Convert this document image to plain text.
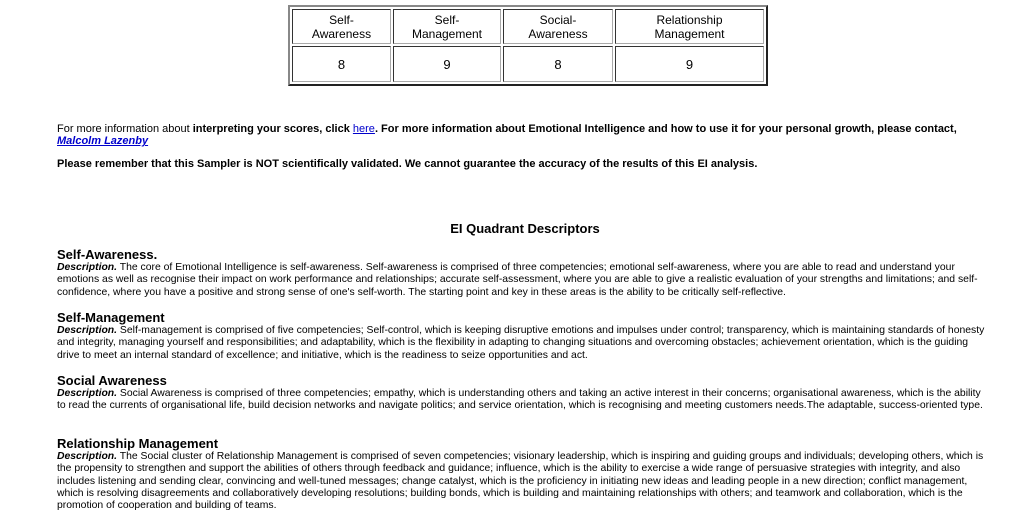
Self-Awareness	Self-Management	Social-Awareness	Relationship Management
8	9	8	9
For more information about interpreting your scores, click here. For more information about Emotional Intelligence and how to use it for your personal growth, please contact, Malcolm Lazenby
Please remember that this Sampler is NOT scientifically validated. We cannot guarantee the accuracy of the results of this EI analysis.
EI Quadrant Descriptors
Self-Awareness.

Description. The core of Emotional Intelligence is self-awareness. Self-awareness is comprised of three competencies; emotional self-awareness, where you are able to read and understand your emotions as well as recognise their impact on work performance and relationships; accurate self-assessment, where you are able to give a realistic evaluation of your strengths and limitations; and self-confidence, where you have a positive and strong sense of one's self-worth. The starting point and key in these areas is the ability to be critically self-reflective.

Self-Management

Description. Self-management is comprised of five competencies; Self-control, which is keeping disruptive emotions and impulses under control; transparency, which is maintaining standards of honesty and integrity, managing yourself and responsibilities; and adaptability, which is the flexibility in adapting to changing situations and overcoming obstacles; achievement orientation, which is the guiding drive to meet an internal standard of excellence; and initiative, which is the readiness to seize opportunities and act.

Social Awareness

Description. Social Awareness is comprised of three competencies; empathy, which is understanding others and taking an active interest in their concerns; organisational awareness, which is the ability to read the currents of organisational life, build decision networks and navigate politics; and service orientation, which is recognising and meeting customers needs.The adaptable, success-oriented type.

Relationship Management

Description. The Social cluster of Relationship Management is comprised of seven competencies; visionary leadership, which is inspiring and guiding groups and individuals; developing others, which is the propensity to strengthen and support the abilities of others through feedback and guidance; influence, which is the ability to exercise a wide range of persuasive strategies with integrity, and also includes listening and sending clear, convincing and well-tuned messages; change catalyst, which is the proficiency in initiating new ideas and leading people in a new direction; conflict management, which is resolving disagreements and collaboratively developing resolutions; building bonds, which is building and maintaining relationships with others; and teamwork and collaboration, which is the promotion of cooperation and building of teams.
